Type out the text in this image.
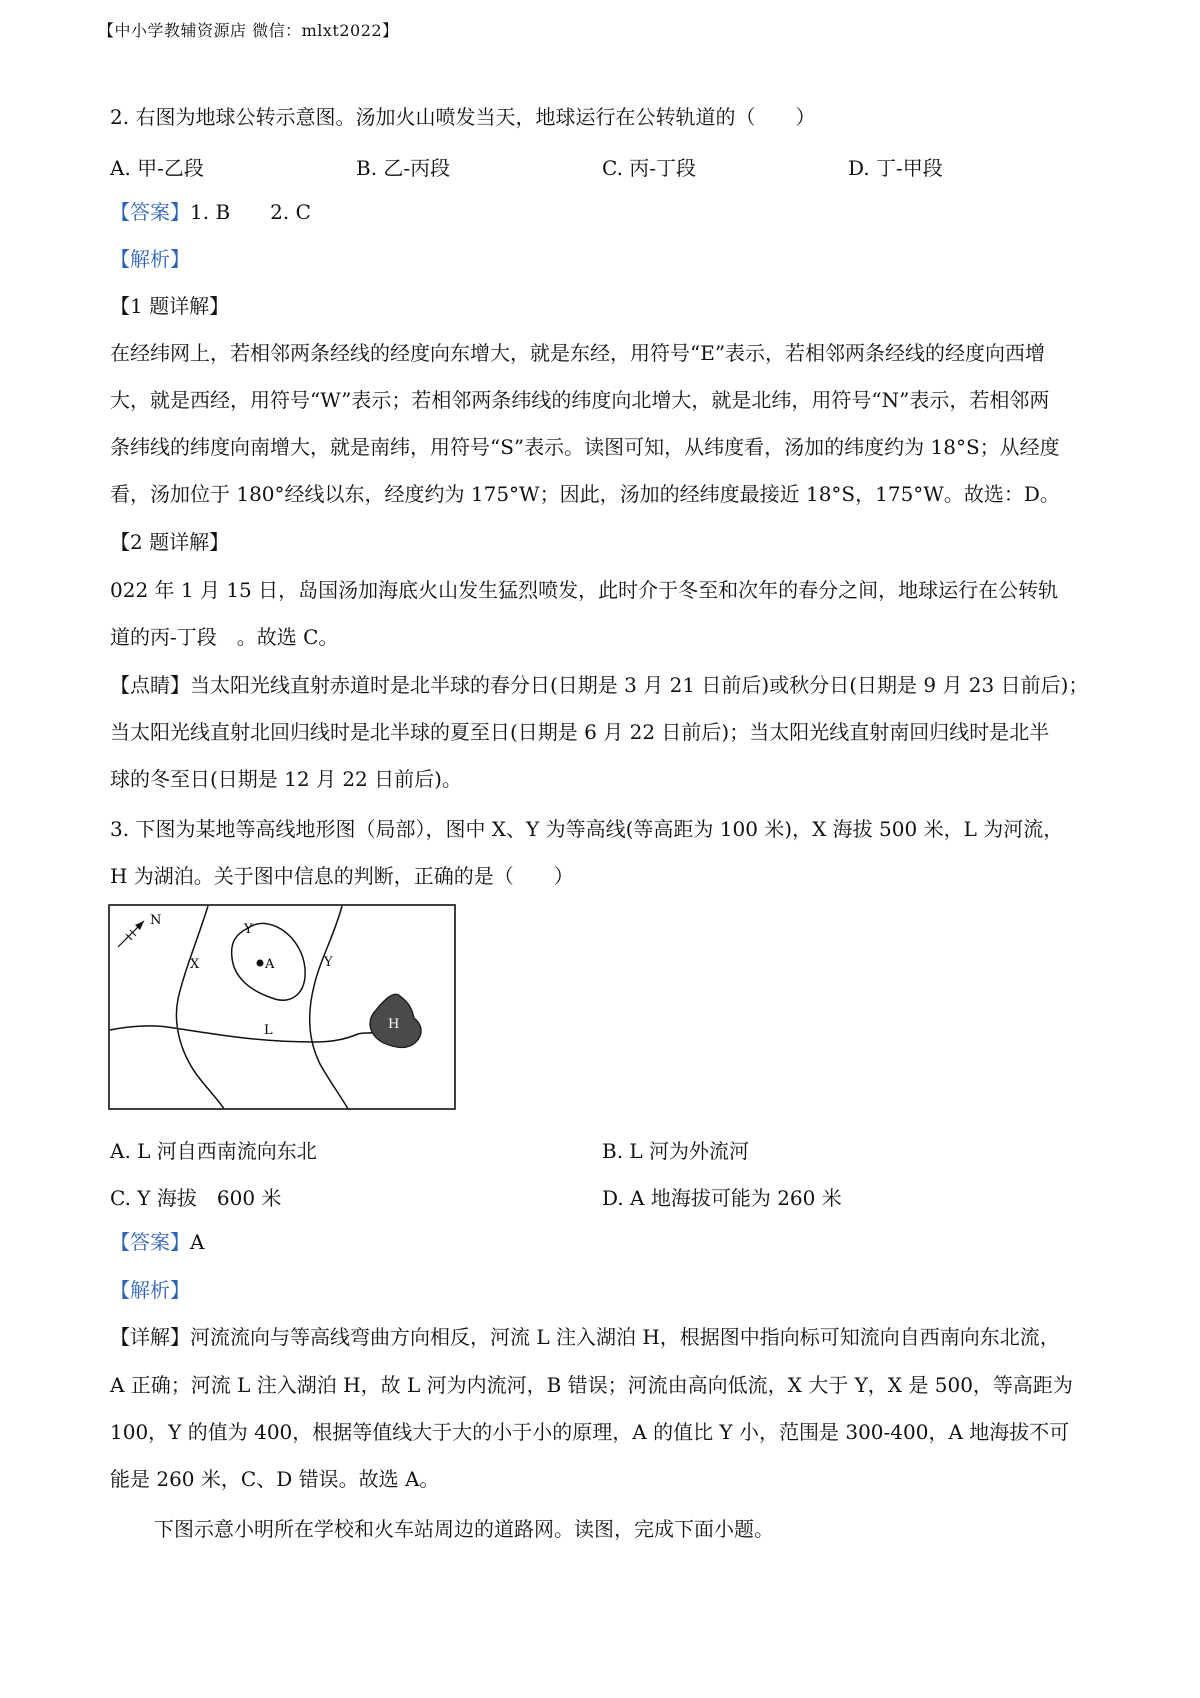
【中小学教辅资源店 微信：mlxt2022】
2. 右图为地球公转示意图。汤加火山喷发当天，地球运行在公转轨道的（　　）
A. 甲-乙段	B. 乙-丙段	C. 丙-丁段	D. 丁-甲段
【答案】1. B　　2. C
【解析】
【1 题详解】
在经纬网上，若相邻两条经线的经度向东增大，就是东经，用符号“E”表示，若相邻两条经线的经度向西增
大，就是西经，用符号“W”表示；若相邻两条纬线的纬度向北增大，就是北纬，用符号“N”表示，若相邻两
条纬线的纬度向南增大，就是南纬，用符号“S”表示。读图可知，从纬度看，汤加的纬度约为 18°S；从经度
看，汤加位于 180°经线以东，经度约为 175°W；因此，汤加的经纬度最接近 18°S，175°W。故选：D。
【2 题详解】
022 年 1 月 15 日，岛国汤加海底火山发生猛烈喷发，此时介于冬至和次年的春分之间，地球运行在公转轨
道的丙-丁段　。故选 C。
【点睛】当太阳光线直射赤道时是北半球的春分日(日期是 3 月 21 日前后)或秋分日(日期是 9 月 23 日前后)；
当太阳光线直射北回归线时是北半球的夏至日(日期是 6 月 22 日前后)；当太阳光线直射南回归线时是北半
球的冬至日(日期是 12 月 22 日前后)。
3. 下图为某地等高线地形图（局部），图中 X、Y 为等高线(等高距为 100 米)，X 海拔 500 米，L 为河流，
H 为湖泊。关于图中信息的判断，正确的是（　　）
N
X
Y
A	Y
L	H
A. L 河自西南流向东北	B. L 河为外流河
C. Y 海拔　600 米	D. A 地海拔可能为 260 米
【答案】A
【解析】
【详解】河流流向与等高线弯曲方向相反，河流 L 注入湖泊 H，根据图中指向标可知流向自西南向东北流，
A 正确；河流 L 注入湖泊 H，故 L 河为内流河，B 错误；河流由高向低流，X 大于 Y，X 是 500，等高距为
100，Y 的值为 400，根据等值线大于大的小于小的原理，A 的值比 Y 小，范围是 300-400，A 地海拔不可
能是 260 米，C、D 错误。故选 A。
下图示意小明所在学校和火车站周边的道路网。读图，完成下面小题。
